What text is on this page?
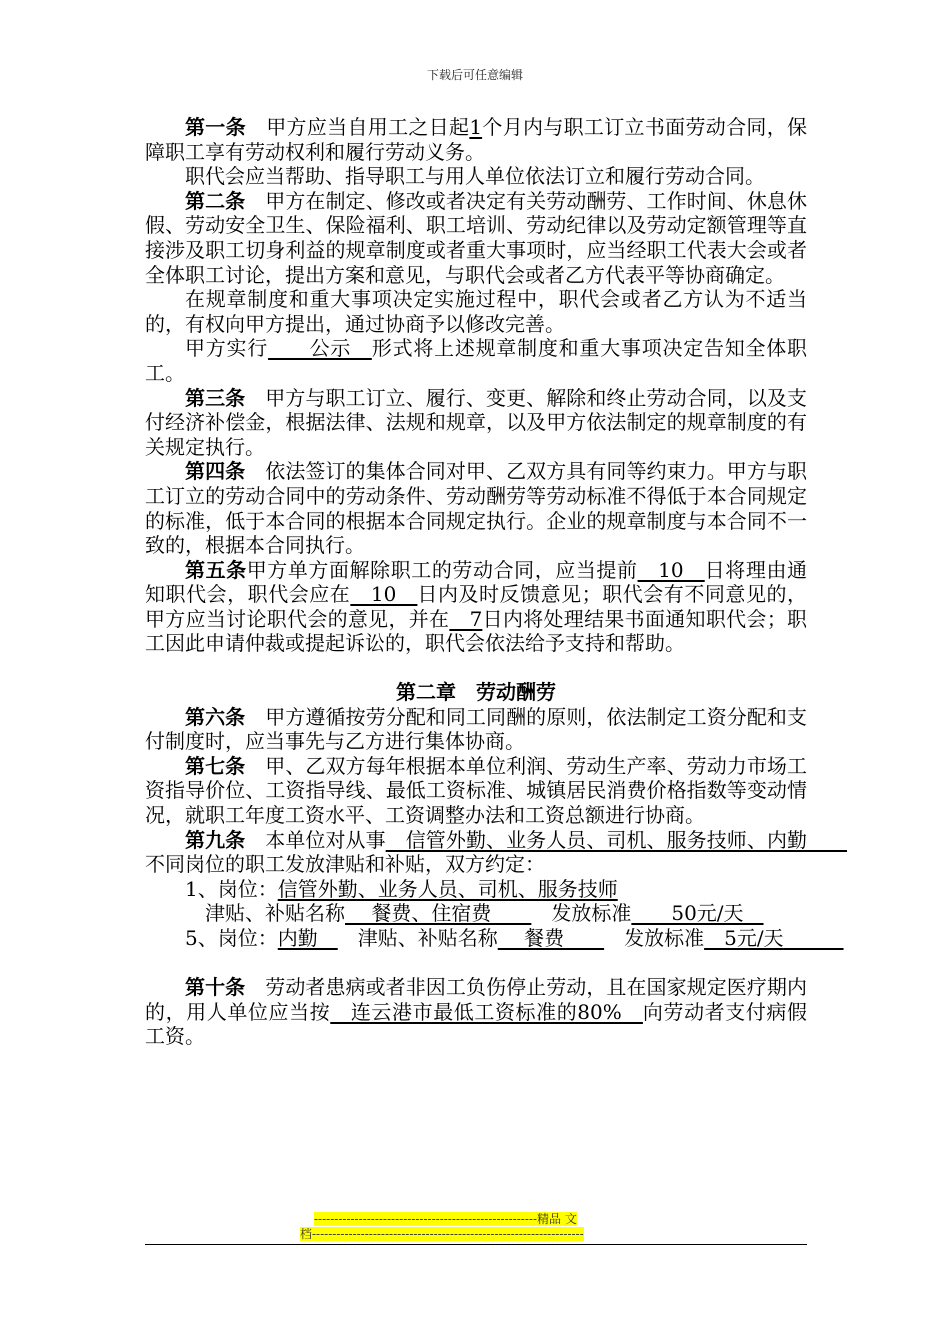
下载后可任意编辑

第一条　甲方应当自用工之日起1个月内与职工订立书面劳动合同，保障职工享有劳动权利和履行劳动义务。

职代会应当帮助、指导职工与用人单位依法订立和履行劳动合同。

第二条　甲方在制定、修改或者决定有关劳动酬劳、工作时间、休息休假、劳动安全卫生、保险福利、职工培训、劳动纪律以及劳动定额管理等直接涉及职工切身利益的规章制度或者重大事项时，应当经职工代表大会或者全体职工讨论，提出方案和意见，与职代会或者乙方代表平等协商确定。

在规章制度和重大事项决定实施过程中，职代会或者乙方认为不适当的，有权向甲方提出，通过协商予以修改完善。

甲方实行　　公示　形式将上述规章制度和重大事项决定告知全体职工。

第三条　甲方与职工订立、履行、变更、解除和终止劳动合同，以及支付经济补偿金，根据法律、法规和规章，以及甲方依法制定的规章制度的有关规定执行。

第四条　依法签订的集体合同对甲、乙双方具有同等约束力。甲方与职工订立的劳动合同中的劳动条件、劳动酬劳等劳动标准不得低于本合同规定的标准，低于本合同的根据本合同规定执行。企业的规章制度与本合同不一致的，根据本合同执行。

第五条甲方单方面解除职工的劳动合同，应当提前　10　日将理由通知职代会，职代会应在　10　日内及时反馈意见；职代会有不同意见的，甲方应当讨论职代会的意见，并在　7日内将处理结果书面通知职代会；职工因此申请仲裁或提起诉讼的，职代会依法给予支持和帮助。

第二章　劳动酬劳

第六条　甲方遵循按劳分配和同工同酬的原则，依法制定工资分配和支付制度时，应当事先与乙方进行集体协商。

第七条　甲、乙双方每年根据本单位利润、劳动生产率、劳动力市场工资指导价位、工资指导线、最低工资标准、城镇居民消费价格指数等变动情况，就职工年度工资水平、工资调整办法和工资总额进行协商。

第九条　本单位对从事　信管外勤、业务人员、司机、服务技师、内勤　　不同岗位的职工发放津贴和补贴，双方约定：

1、岗位：信管外勤、业务人员、司机、服务技师

津贴、补贴名称　 餐费、住宿费　　　发放标准　　50元/天　

5、岗位：内勤　　津贴、补贴名称　 餐费　　　发放标准　5元/天　　　

第十条　劳动者患病或者非因工负伤停止劳动，且在国家规定医疗期内的，用人单位应当按　连云港市最低工资标准的80%　向劳动者支付病假工资。

-------------------------------------------------------精品 文
档-------------------------------------------------------------------
